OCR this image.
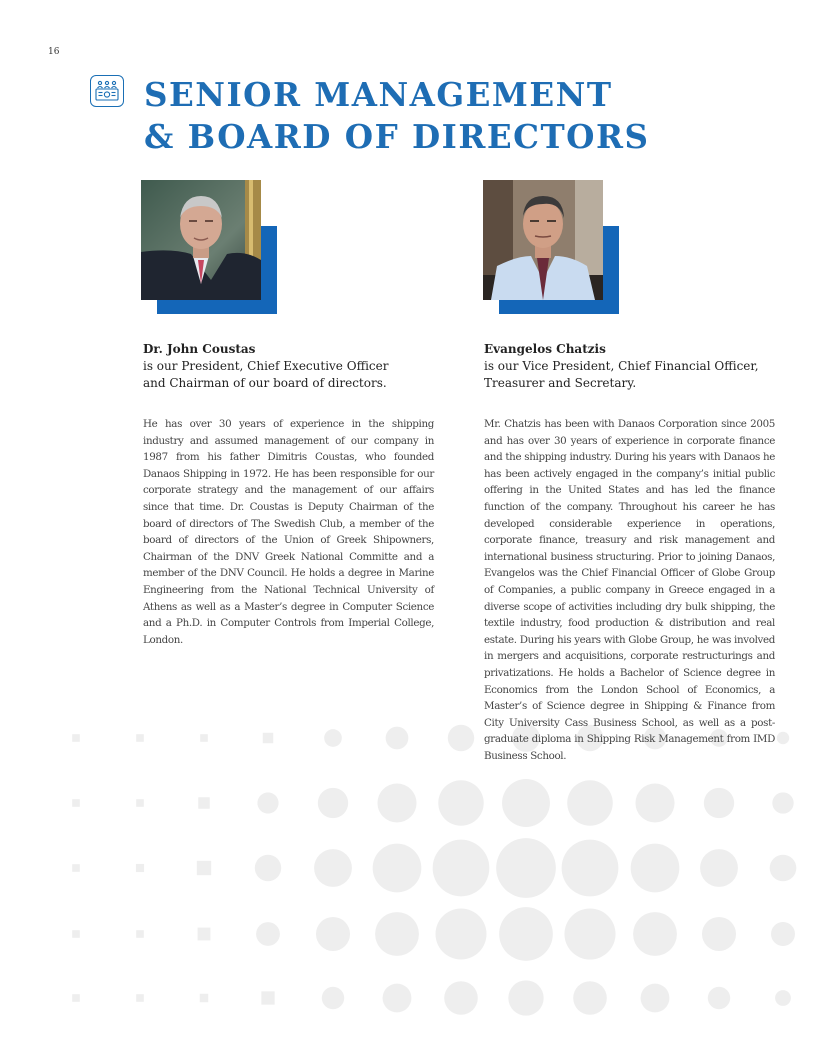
16
SENIOR MANAGEMENT
& BOARD OF DIRECTORS

Dr. John Coustas

is our President, Chief Executive Officer

and Chairman of our board of directors.

He has over 30 years of experience in the shipping industry and assumed management of our company in 1987 from his father Dimitris Coustas, who founded Danaos Shipping in 1972. He has been responsible for our corporate strategy and the management of our affairs since that time. Dr. Coustas is Deputy Chairman of the board of directors of The Swedish Club, a member of the board of directors of the Union of Greek Shipowners, Chairman of the DNV Greek National Committe and a member of the DNV Council. He holds a degree in Marine Engineering from the National Technical University of Athens as well as a Master’s degree in Computer Science and a Ph.D. in Computer Controls from Imperial College, London.

Evangelos Chatzis

is our Vice President, Chief Financial Officer,

Treasurer and Secretary.

Mr. Chatzis has been with Danaos Corporation since 2005 and has over 30 years of experience in corporate finance and the shipping industry. During his years with Danaos he has been actively engaged in the company’s initial public offering in the United States and has led the finance function of the company. Throughout his career he has developed considerable experience in operations, corporate finance, treasury and risk management and international business structuring. Prior to joining Danaos, Evangelos was the Chief Financial Officer of Globe Group of Companies, a public company in Greece engaged in a diverse scope of activities including dry bulk shipping, the textile industry, food production & distribution and real estate. During his years with Globe Group, he was involved in mergers and acquisitions, corporate restructurings and privatizations. He holds a Bachelor of Science degree in Economics from the London School of Economics, a Master’s of Science degree in Shipping & Finance from City University Cass Business School, as well as a post-graduate diploma in Shipping Risk Management from IMD Business School.
